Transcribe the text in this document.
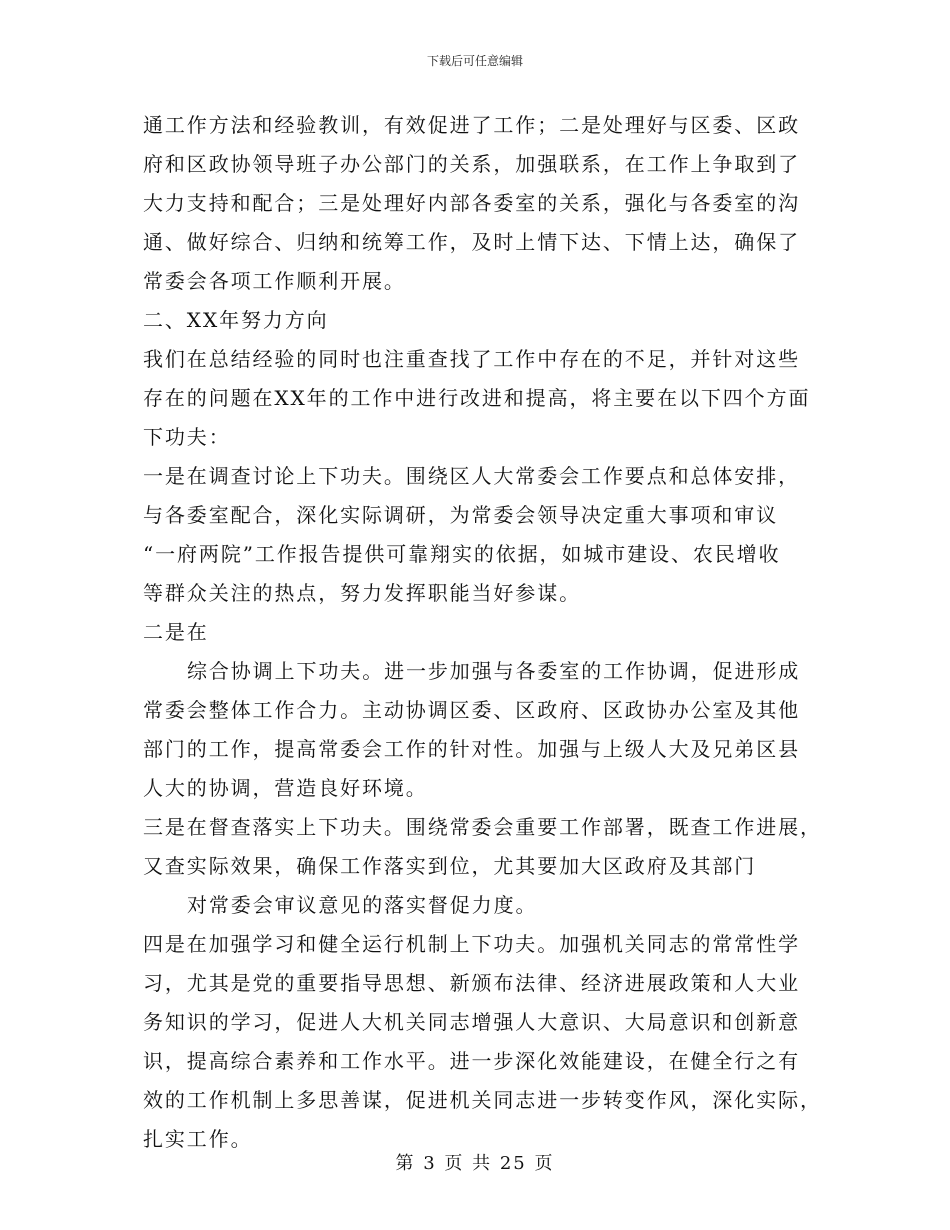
下载后可任意编辑
通工作方法和经验教训，有效促进了工作；二是处理好与区委、区政
府和区政协领导班子办公部门的关系，加强联系，在工作上争取到了
大力支持和配合；三是处理好内部各委室的关系，强化与各委室的沟
通、做好综合、归纳和统筹工作，及时上情下达、下情上达，确保了
常委会各项工作顺利开展。
二、XX年努力方向
我们在总结经验的同时也注重查找了工作中存在的不足，并针对这些
存在的问题在XX年的工作中进行改进和提高，将主要在以下四个方面
下功夫：
一是在调查讨论上下功夫。围绕区人大常委会工作要点和总体安排，
与各委室配合，深化实际调研，为常委会领导决定重大事项和审议
“一府两院”工作报告提供可靠翔实的依据，如城市建设、农民增收
等群众关注的热点，努力发挥职能当好参谋。
二是在
综合协调上下功夫。进一步加强与各委室的工作协调，促进形成
常委会整体工作合力。主动协调区委、区政府、区政协办公室及其他
部门的工作，提高常委会工作的针对性。加强与上级人大及兄弟区县
人大的协调，营造良好环境。
三是在督查落实上下功夫。围绕常委会重要工作部署，既查工作进展，
又查实际效果，确保工作落实到位，尤其要加大区政府及其部门
对常委会审议意见的落实督促力度。
四是在加强学习和健全运行机制上下功夫。加强机关同志的常常性学
习，尤其是党的重要指导思想、新颁布法律、经济进展政策和人大业
务知识的学习，促进人大机关同志增强人大意识、大局意识和创新意
识，提高综合素养和工作水平。进一步深化效能建设，在健全行之有
效的工作机制上多思善谋，促进机关同志进一步转变作风，深化实际，
扎实工作。
第 3 页 共 25 页
